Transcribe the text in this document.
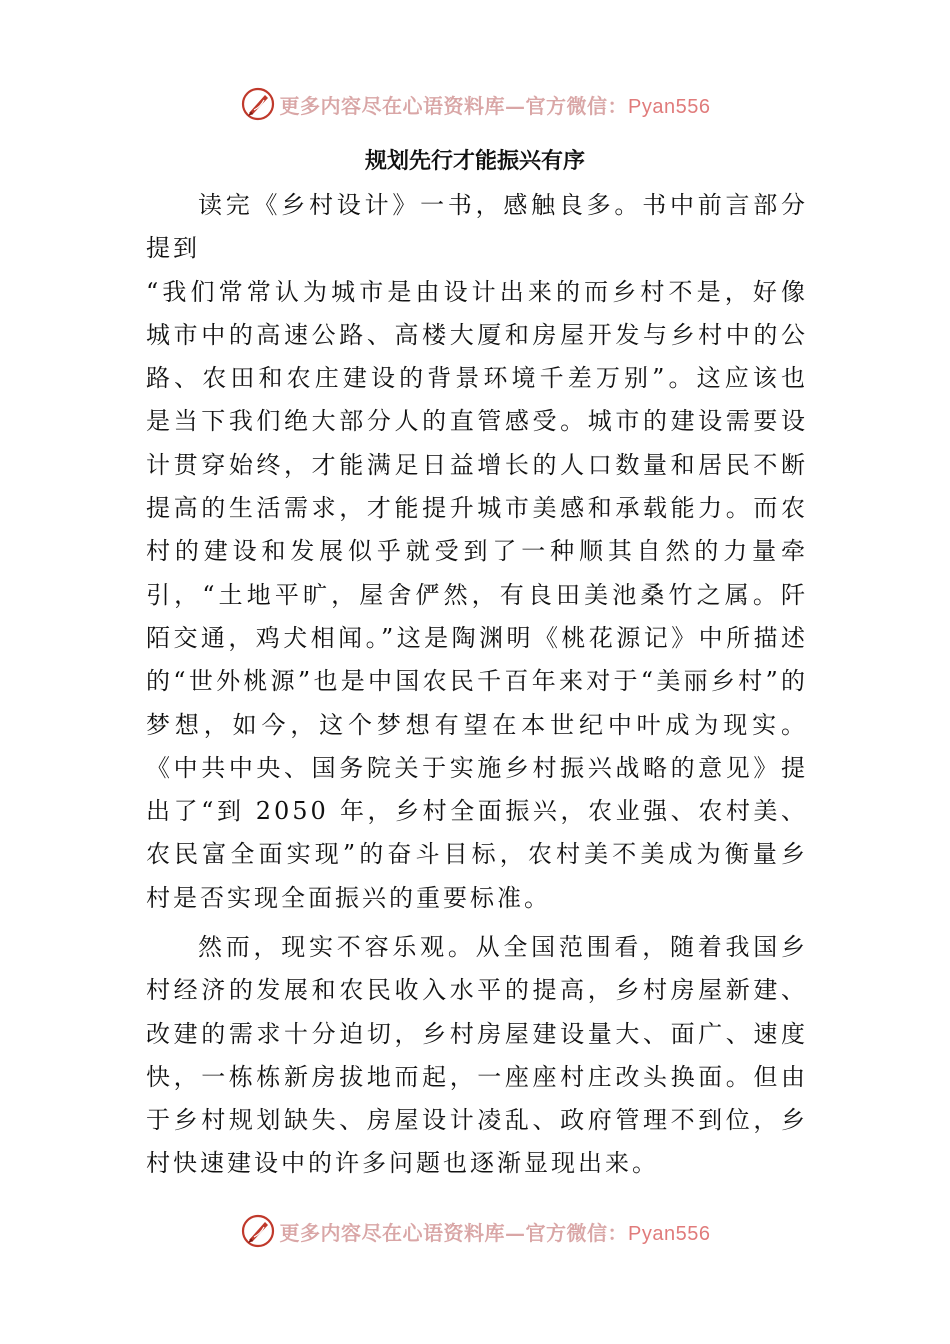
更多内容尽在心语资料库—官方微信：Pyan556
规划先行才能振兴有序

读完《乡村设计》一书，感触良多。书中前言部分提到

“我们常常认为城市是由设计出来的而乡村不是，好像城市中的高速公路、高楼大厦和房屋开发与乡村中的公路、农田和农庄建设的背景环境千差万别”。这应该也是当下我们绝大部分人的直管感受。城市的建设需要设计贯穿始终，才能满足日益增长的人口数量和居民不断提高的生活需求，才能提升城市美感和承载能力。而农村的建设和发展似乎就受到了一种顺其自然的力量牵引，“土地平旷，屋舍俨然，有良田美池桑竹之属。阡陌交通，鸡犬相闻。”这是陶渊明《桃花源记》中所描述的“世外桃源”也是中国农民千百年来对于“美丽乡村”的梦想，如今，这个梦想有望在本世纪中叶成为现实。《中共中央、国务院关于实施乡村振兴战略的意见》提出了“到 2050 年，乡村全面振兴，农业强、农村美、农民富全面实现”的奋斗目标，农村美不美成为衡量乡村是否实现全面振兴的重要标准。

然而，现实不容乐观。从全国范围看，随着我国乡村经济的发展和农民收入水平的提高，乡村房屋新建、改建的需求十分迫切，乡村房屋建设量大、面广、速度快，一栋栋新房拔地而起，一座座村庄改头换面。但由于乡村规划缺失、房屋设计凌乱、政府管理不到位，乡村快速建设中的许多问题也逐渐显现出来。

更多内容尽在心语资料库—官方微信：Pyan556
